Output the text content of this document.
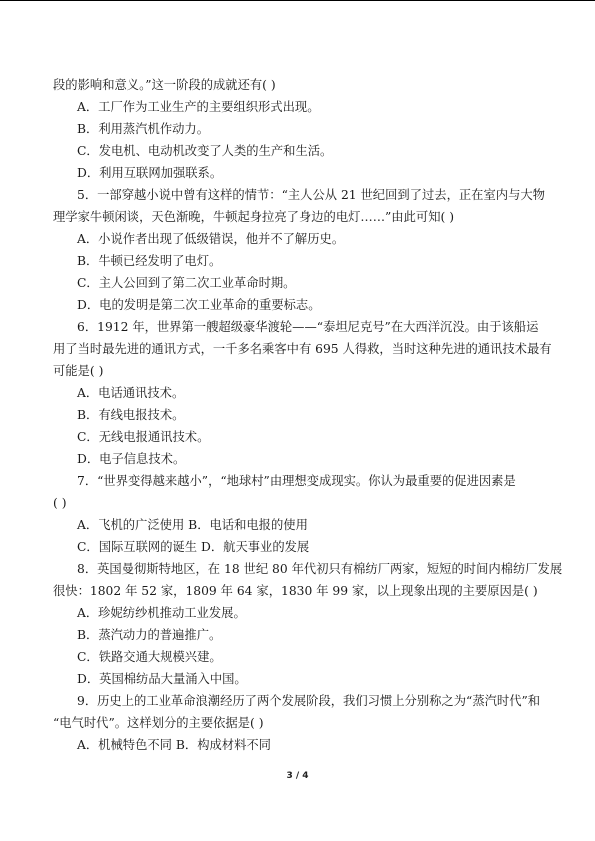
段的影响和意义。”这一阶段的成就还有( )
A．工厂作为工业生产的主要组织形式出现。
B．利用蒸汽机作动力。
C．发电机、电动机改变了人类的生产和生活。
D．利用互联网加强联系。
5．一部穿越小说中曾有这样的情节：“主人公从 21 世纪回到了过去，正在室内与大物
理学家牛顿闲谈，天色渐晚，牛顿起身拉亮了身边的电灯……”由此可知( )
A．小说作者出现了低级错误，他并不了解历史。
B．牛顿已经发明了电灯。
C．主人公回到了第二次工业革命时期。
D．电的发明是第二次工业革命的重要标志。
6．1912 年，世界第一艘超级豪华渡轮——“泰坦尼克号”在大西洋沉没。由于该船运
用了当时最先进的通讯方式，一千多名乘客中有 695 人得救，当时这种先进的通讯技术最有
可能是( )
A．电话通讯技术。
B．有线电报技术。
C．无线电报通讯技术。
D．电子信息技术。
7．“世界变得越来越小”，“地球村”由理想变成现实。你认为最重要的促进因素是
( )
A．飞机的广泛使用 B．电话和电报的使用
C．国际互联网的诞生 D．航天事业的发展
8．英国曼彻斯特地区，在 18 世纪 80 年代初只有棉纺厂两家，短短的时间内棉纺厂发展
很快：1802 年 52 家，1809 年 64 家，1830 年 99 家，以上现象出现的主要原因是( )
A．珍妮纺纱机推动工业发展。
B．蒸汽动力的普遍推广。
C．铁路交通大规模兴建。
D．英国棉纺品大量涌入中国。
9．历史上的工业革命浪潮经历了两个发展阶段，我们习惯上分别称之为“蒸汽时代”和
“电气时代”。这样划分的主要依据是( )
A．机械特色不同 B．构成材料不同
3 / 4
